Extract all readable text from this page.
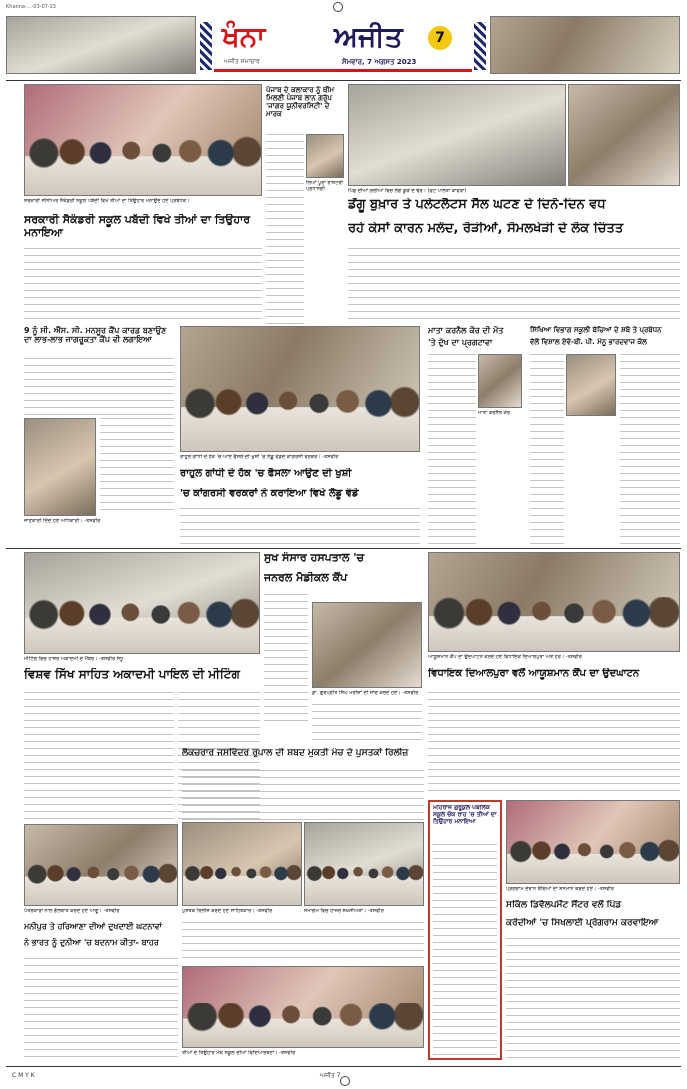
Khanna-...-03-07-23
ਖੰਨਾ ਅਜੀਤ
ਅਜੀਤ ਸਮਾਚਾਰ	ਸੋਮਵਾਰ, 7 ਅਗਸਤ 2023
7
ਸਰਕਾਰੀ ਸੀਨੀਅਰ ਸੈਕੰਡਰੀ ਸਕੂਲ ਪਬੱਦੀ ਵਿਖੇ ਤੀਆਂ ਦਾ ਤਿਉਹਾਰ ਮਨਾਉਂਦੇ ਹੋਏ ਪ੍ਰਬੰਧਕ।
ਸਰਕਾਰੀ ਸੈਕੰਡਰੀ ਸਕੂਲ ਪਬੱਦੀ ਵਿਖੇ ਤੀਆਂ ਦਾ ਤਿਉਹਾਰ ਮਨਾਇਆ
ਪੰਜਾਬ ਦੇ ਕਲਾਕਾਰ ਨੂੰ ਥੀਮ ਮਿਲਣੀ ਪੰਜਾਬ ਲਾਨ ਗਰੁੱਪ 'ਜਾਗਰ ਯੂਨੀਵਰਸਿਟੀ' ਦੇ ਮਾਰਕ
ਲਿਆਂ ਪੂਰਾ ਰਾਸ਼ਟਰੀ ਪ੍ਰਧਾਨਗੀ	ਪਿੰਡ ਦੀਆਂ ਗਲੀਆਂ ਵਿਚ ਲੱਗੇ ਕੂੜੇ ਦੇ ਢੇਰ। (ਫੋਟੋ ਪਾਲਤਾ ਕਾਵੜਾ)
ਡੇਂਗੂ ਬੁਖ਼ਾਰ ਤੇ ਪਲੇਟਲੈਟਸ ਸੈੱਲ ਘਟਣ ਦੇ ਦਿਨੋ-ਦਿਨ ਵਧ
ਰਹੇ ਕੇਸਾਂ ਕਾਰਨ ਮਲੌਦ, ਰੋੜੀਆਂ, ਸੋਮਲਖੇੜੀ ਦੇ ਲੋਕ ਚਿੰਤਤ
9 ਨੂੰ ਸੀ. ਐੱਸ. ਸੀ. ਮਨਸੂਰ ਕੈਂਪ ਕਾਰਡ ਬਣਾਉਣ ਦਾ ਲਾਭ-ਲਾਭ ਜਾਗਰੂਕਤਾ ਕੈਂਪ ਵੀ ਲਗਾਇਆ
ਜਾਣਕਾਰੀ ਦਿੰਦੇ ਹੋਏ ਅਧਿਕਾਰੀ। -ਤਸਵੀਰ
ਰਾਹੁਲ ਗਾਂਧੀ ਦੇ ਹੱਕ 'ਚ ਆਏ ਫੈਸਲੇ ਦੀ ਖੁਸ਼ੀ 'ਚ ਲੱਡੂ ਵੰਡਦੇ ਕਾਂਗਰਸੀ ਵਰਕਰ। -ਤਸਵੀਰ
ਰਾਹੁਲ ਗਾਂਧੀ ਦੇ ਹੱਕ 'ਚ ਫੈਸਲਾ ਆਉਣ ਦੀ ਖੁਸ਼ੀ
'ਚ ਕਾਂਗਰਸੀ ਵਰਕਰਾਂ ਨੇ ਕਰਾਇਆ ਵਿਖੇ ਲੱਡੂ ਵੰਡੇ
ਮਾਤਾ ਕਰਨੈਲ ਕੌਰ ਦੀ ਮੌਤ
'ਤੇ ਦੁੱਖ ਦਾ ਪ੍ਰਗਟਾਵਾ
ਮਾਤਾ ਕਰਨੈਲ ਕੌਰ
ਸਿੱਖਿਆ ਵਿਭਾਗ ਸਕੂਲੀ ਬੱਚਿਆਂ ਦੇ ਸ਼ਬੋ ਤੇ ਪ੍ਰਬੰਧਨ
ਵੱਲੋਂ ਵਿਸ਼ਾਲ ਏਵੋ-ਬੀ. ਪੀ. ਮੰਨੂ ਭਾਰਦਵਾਜ ਕੋਲ
ਮੀਟਿੰਗ ਵਿਚ ਹਾਜ਼ਰ ਅਕਾਦਮੀ ਦੇ ਮੈਂਬਰ। -ਤਸਵੀਰ ਸੰਧੂ
ਵਿਸ਼ਵ ਸਿੱਖ ਸਾਹਿਤ ਅਕਾਦਮੀ ਪਾਇਲ ਦੀ ਮੀਟਿੰਗ
ਸੁਖ ਸੰਸਾਰ ਹਸਪਤਾਲ 'ਚ
ਜਨਰਲ ਮੈਡੀਕਲ ਕੈਂਪ
ਡਾ. ਗੁਰਪ੍ਰੀਤ ਸਿੰਘ ਮਰੀਜ਼ਾਂ ਦੀ ਜਾਂਚ ਕਰਦੇ ਹੋਏ। -ਤਸਵੀਰ
ਆਯੂਸ਼ਮਾਨ ਕੈਂਪ ਦਾ ਉਦਘਾਟਨ ਕਰਦੇ ਹੋਏ ਵਿਧਾਇਕ ਦਿਆਲਪੁਰਾ ਅਤੇ ਹੋਰ। -ਤਸਵੀਰ
ਵਿਧਾਇਕ ਦਿਆਲਪੁਰਾ ਵਲੋਂ ਆਯੂਸ਼ਮਾਨ ਕੈਂਪ ਦਾ ਉਦਘਾਟਨ
ਲੈਕਚਰਾਰ ਜਸਵਿੰਦਰ ਰੁਪਾਲ ਦੀ ਸ਼ਬਦ ਮੁਕਤੀ ਮੰਚ ਦੇ ਪੁਸਤਕਾਂ ਰਿਲੀਜ਼
ਪੁਸਤਕ ਰਿਲੀਜ਼ ਕਰਦੇ ਹੋਏ ਸਾਹਿਤਕਾਰ। -ਤਸਵੀਰ	ਸਮਾਗਮ ਵਿਚ ਹਾਜ਼ਰ ਸ਼ਖ਼ਸੀਅਤਾਂ। -ਤਸਵੀਰ
ਪੱਤਰਕਾਰਾਂ ਨਾਲ ਗੱਲਬਾਤ ਕਰਦੇ ਹੋਏ ਆਗੂ। -ਤਸਵੀਰ
ਮਨੀਪੁਰ ਤੇ ਹਰਿਆਣਾ ਦੀਆਂ ਦੁਖਦਾਈ ਘਟਨਾਵਾਂ
ਨੇ ਭਾਰਤ ਨੂੰ ਦੁਨੀਆ 'ਚ ਬਦਨਾਮ ਕੀਤਾ- ਬਾਹਰ
ਮਹਿਰਾਜ ਗੁਰੂਕੁਲ ਪਬਲਿਕ ਸਕੂਲ ਚੱਕ ਰਾਹ 'ਚ ਤੀਆਂ ਦਾ ਤਿਉਹਾਰ ਮਨਾਇਆ
ਪ੍ਰੋਗਰਾਮ ਦੌਰਾਨ ਬੱਚਿਆਂ ਦਾ ਸਨਮਾਨ ਕਰਦੇ ਹੋਏ। -ਤਸਵੀਰ
ਸਕਿੱਲ ਡਿਵੈਲਪਮੈਂਟ ਸੈਂਟਰ ਵਲੋਂ ਪਿੰਡ
ਕਰੌਦੀਆਂ 'ਚ ਸਿਖਲਾਈ ਪ੍ਰੋਗਰਾਮ ਕਰਵਾਇਆ
ਤੀਆਂ ਦੇ ਤਿਉਹਾਰ ਮੌਕੇ ਸਕੂਲ ਦੀਆਂ ਵਿਦਿਆਰਥਣਾਂ। -ਤਸਵੀਰ
C M Y K	ਅਜੀਤ 7
